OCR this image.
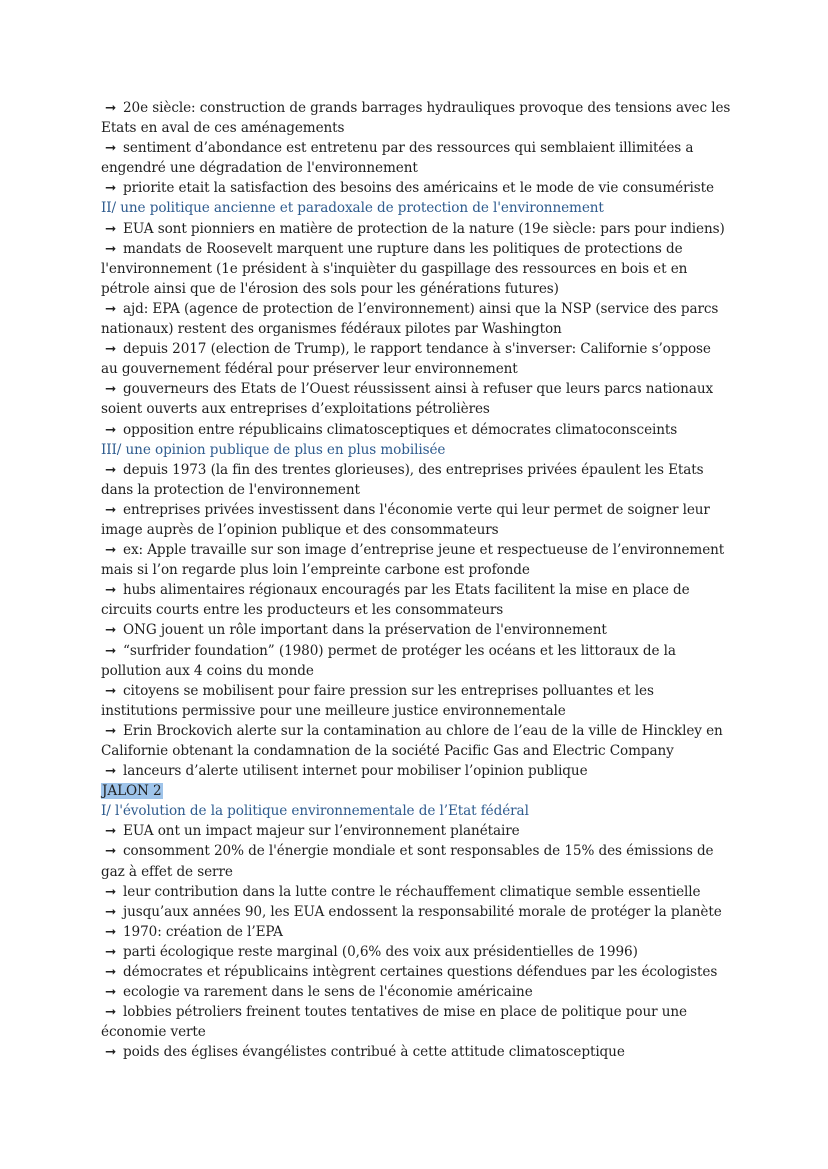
➞ 20e siècle: construction de grands barrages hydrauliques provoque des tensions avec les
Etats en aval de ces aménagements
➞ sentiment d’abondance est entretenu par des ressources qui semblaient illimitées a
engendré une dégradation de l'environnement
➞ priorite etait la satisfaction des besoins des américains et le mode de vie consumériste
II/ une politique ancienne et paradoxale de protection de l'environnement
➞ EUA sont pionniers en matière de protection de la nature (19e siècle: pars pour indiens)
➞ mandats de Roosevelt marquent une rupture dans les politiques de protections de
l'environnement (1e président à s'inquièter du gaspillage des ressources en bois et en
pétrole ainsi que de l'érosion des sols pour les générations futures)
➞ ajd: EPA (agence de protection de l’environnement) ainsi que la NSP (service des parcs
nationaux) restent des organismes fédéraux pilotes par Washington
➞ depuis 2017 (election de Trump), le rapport tendance à s'inverser: Californie s’oppose
au gouvernement fédéral pour préserver leur environnement
➞ gouverneurs des Etats de l’Ouest réussissent ainsi à refuser que leurs parcs nationaux
soient ouverts aux entreprises d’exploitations pétrolières
➞ opposition entre républicains climatosceptiques et démocrates climatoconsceints
III/ une opinion publique de plus en plus mobilisée
➞ depuis 1973 (la fin des trentes glorieuses), des entreprises privées épaulent les Etats
dans la protection de l'environnement
➞ entreprises privées investissent dans l'économie verte qui leur permet de soigner leur
image auprès de l’opinion publique et des consommateurs
➞ ex: Apple travaille sur son image d’entreprise jeune et respectueuse de l’environnement
mais si l’on regarde plus loin l’empreinte carbone est profonde
➞ hubs alimentaires régionaux encouragés par les Etats facilitent la mise en place de
circuits courts entre les producteurs et les consommateurs
➞ ONG jouent un rôle important dans la préservation de l'environnement
➞ “surfrider foundation” (1980) permet de protéger les océans et les littoraux de la
pollution aux 4 coins du monde
➞ citoyens se mobilisent pour faire pression sur les entreprises polluantes et les
institutions permissive pour une meilleure justice environnementale
➞ Erin Brockovich alerte sur la contamination au chlore de l’eau de la ville de Hinckley en
Californie obtenant la condamnation de la société Pacific Gas and Electric Company
➞ lanceurs d’alerte utilisent internet pour mobiliser l’opinion publique
JALON 2
I/ l'évolution de la politique environnementale de l’Etat fédéral
➞ EUA ont un impact majeur sur l’environnement planétaire
➞ consomment 20% de l'énergie mondiale et sont responsables de 15% des émissions de
gaz à effet de serre
➞ leur contribution dans la lutte contre le réchauffement climatique semble essentielle
➞ jusqu’aux années 90, les EUA endossent la responsabilité morale de protéger la planète
➞ 1970: création de l’EPA
➞ parti écologique reste marginal (0,6% des voix aux présidentielles de 1996)
➞ démocrates et républicains intègrent certaines questions défendues par les écologistes
➞ ecologie va rarement dans le sens de l'économie américaine
➞ lobbies pétroliers freinent toutes tentatives de mise en place de politique pour une
économie verte
➞ poids des églises évangélistes contribué à cette attitude climatosceptique
